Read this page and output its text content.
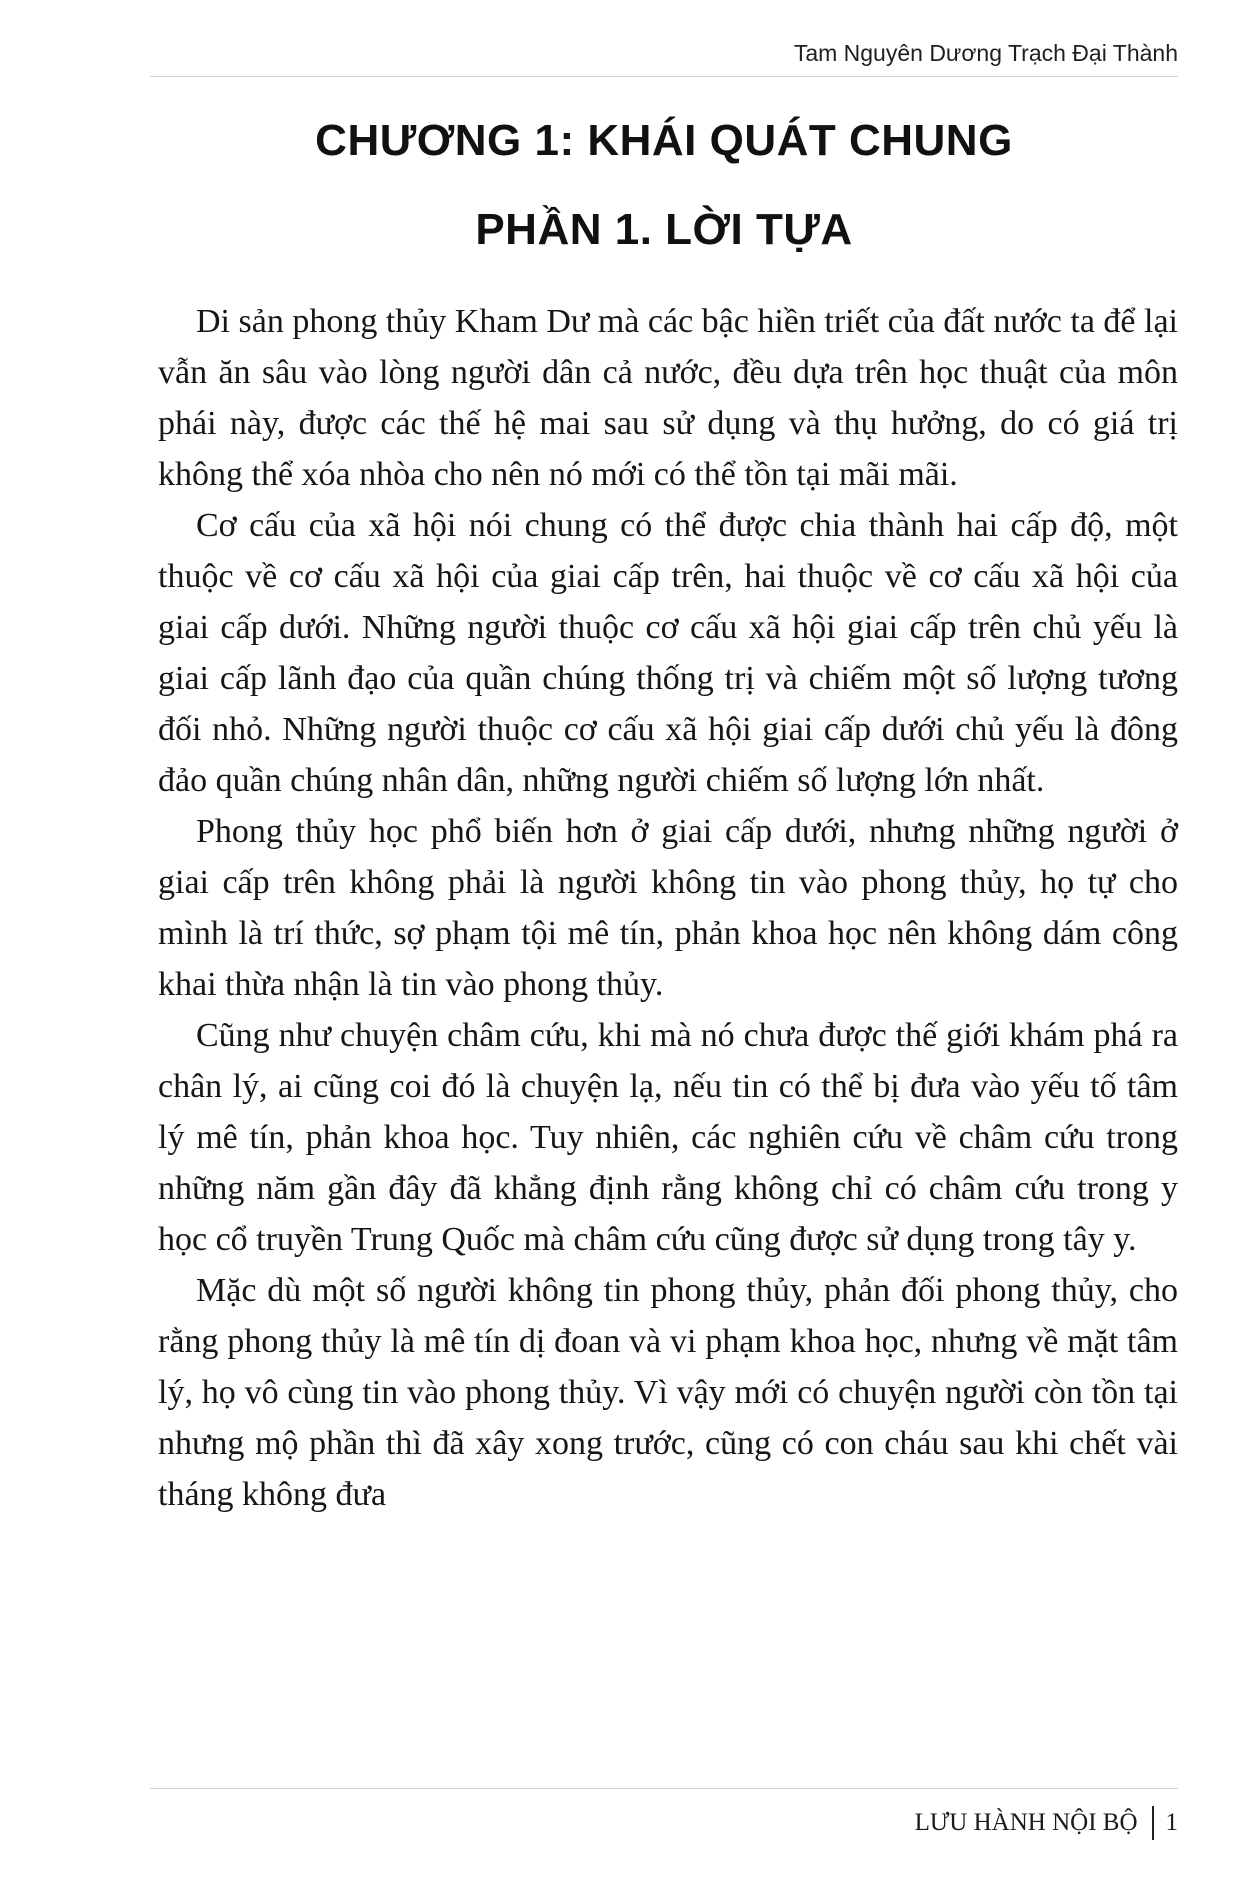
Tam Nguyên Dương Trạch Đại Thành
CHƯƠNG 1: KHÁI QUÁT CHUNG
PHẦN 1. LỜI TỰA

Di sản phong thủy Kham Dư mà các bậc hiền triết của đất nước ta để lại vẫn ăn sâu vào lòng người dân cả nước, đều dựa trên học thuật của môn phái này, được các thế hệ mai sau sử dụng và thụ hưởng, do có giá trị không thể xóa nhòa cho nên nó mới có thể tồn tại mãi mãi.

Cơ cấu của xã hội nói chung có thể được chia thành hai cấp độ, một thuộc về cơ cấu xã hội của giai cấp trên, hai thuộc về cơ cấu xã hội của giai cấp dưới. Những người thuộc cơ cấu xã hội giai cấp trên chủ yếu là giai cấp lãnh đạo của quần chúng thống trị và chiếm một số lượng tương đối nhỏ. Những người thuộc cơ cấu xã hội giai cấp dưới chủ yếu là đông đảo quần chúng nhân dân, những người chiếm số lượng lớn nhất.

Phong thủy học phổ biến hơn ở giai cấp dưới, nhưng những người ở giai cấp trên không phải là người không tin vào phong thủy, họ tự cho mình là trí thức, sợ phạm tội mê tín, phản khoa học nên không dám công khai thừa nhận là tin vào phong thủy.

Cũng như chuyện châm cứu, khi mà nó chưa được thế giới khám phá ra chân lý, ai cũng coi đó là chuyện lạ, nếu tin có thể bị đưa vào yếu tố tâm lý mê tín, phản khoa học. Tuy nhiên, các nghiên cứu về châm cứu trong những năm gần đây đã khẳng định rằng không chỉ có châm cứu trong y học cổ truyền Trung Quốc mà châm cứu cũng được sử dụng trong tây y.

Mặc dù một số người không tin phong thủy, phản đối phong thủy, cho rằng phong thủy là mê tín dị đoan và vi phạm khoa học, nhưng về mặt tâm lý, họ vô cùng tin vào phong thủy. Vì vậy mới có chuyện người còn tồn tại nhưng mộ phần thì đã xây xong trước, cũng có con cháu sau khi chết vài tháng không đưa

LƯU HÀNH NỘI BỘ 1
